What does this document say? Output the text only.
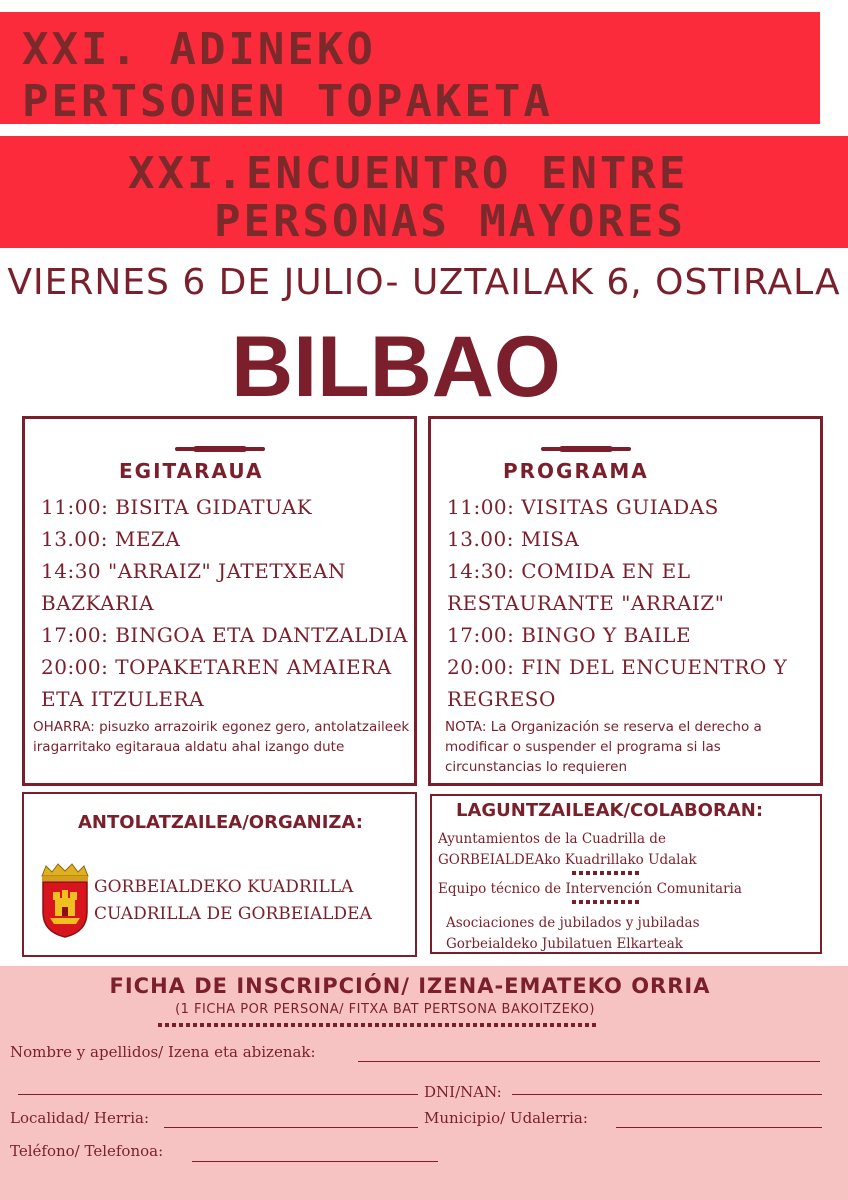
XXI. ADINEKO
PERTSONEN TOPAKETA
XXI.ENCUENTRO ENTRE
PERSONAS MAYORES
VIERNES 6 DE JULIO- UZTAILAK 6, OSTIRALA
BILBAO
EGITARAUA
11:00: BISITA GIDATUAK
13.00: MEZA
14:30 "ARRAIZ" JATETXEAN
BAZKARIA
17:00: BINGOA ETA DANTZALDIA
20:00: TOPAKETAREN AMAIERA
ETA ITZULERA
OHARRA: pisuzko arrazoirik egonez gero, antolatzaileek iragarritako egitaraua aldatu ahal izango dute
PROGRAMA
11:00: VISITAS GUIADAS
13.00: MISA
14:30: COMIDA EN EL
RESTAURANTE "ARRAIZ"
17:00: BINGO Y BAILE
20:00: FIN DEL ENCUENTRO Y
REGRESO
NOTA: La Organización se reserva el derecho a modificar o suspender el programa si las circunstancias lo requieren
ANTOLATZAILEA/ORGANIZA:
GORBEIALDEKO KUADRILLA
CUADRILLA DE GORBEIALDEA
LAGUNTZAILEAK/COLABORAN:
Ayuntamientos de la Cuadrilla de
GORBEIALDEAko Kuadrillako Udalak
Equipo técnico de Intervención Comunitaria
Asociaciones de jubilados y jubiladas
Gorbeialdeko Jubilatuen Elkarteak
FICHA DE INSCRIPCIÓN/ IZENA-EMATEKO ORRIA
(1 FICHA POR PERSONA/ FITXA BAT PERTSONA BAKOITZEKO)
Nombre y apellidos/ Izena eta abizenak:
DNI/NAN:
Localidad/ Herria:	Municipio/ Udalerria:
Teléfono/ Telefonoa:
